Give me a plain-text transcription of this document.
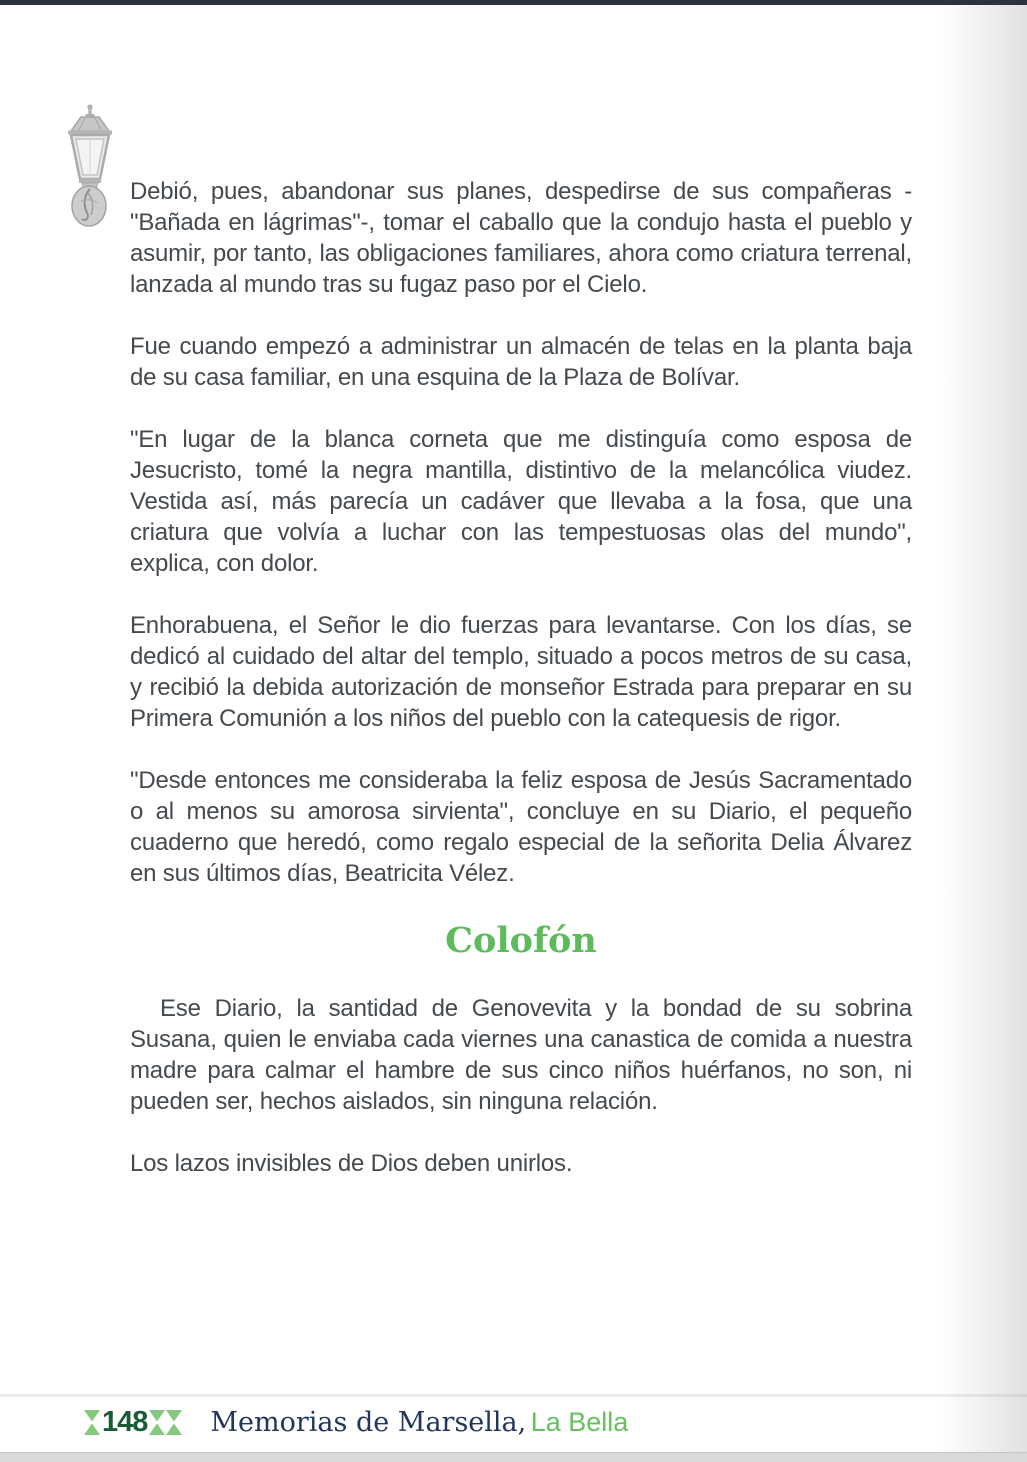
Debió, pues, abandonar sus planes, despedirse de sus compañeras -"Bañada en lágrimas"-, tomar el caballo que la condujo hasta el pueblo y asumir, por tanto, las obligaciones familiares, ahora como criatura terrenal, lanzada al mundo tras su fugaz paso por el Cielo.

Fue cuando empezó a administrar un almacén de telas en la planta baja de su casa familiar, en una esquina de la Plaza de Bolívar.

"En lugar de la blanca corneta que me distinguía como esposa de Jesucristo, tomé la negra mantilla, distintivo de la melancólica viudez. Vestida así, más parecía un cadáver que llevaba a la fosa, que una criatura que volvía a luchar con las tempestuosas olas del mundo", explica, con dolor.

Enhorabuena, el Señor le dio fuerzas para levantarse. Con los días, se dedicó al cuidado del altar del templo, situado a pocos metros de su casa, y recibió la debida autorización de monseñor Estrada para preparar en su Primera Comunión a los niños del pueblo con la catequesis de rigor.

"Desde entonces me consideraba la feliz esposa de Jesús Sacramentado o al menos su amorosa sirvienta", concluye en su Diario, el pequeño cuaderno que heredó, como regalo especial de la señorita Delia Álvarez en sus últimos días, Beatricita Vélez.

Colofón

Ese Diario, la santidad de Genovevita y la bondad de su sobrina Susana, quien le enviaba cada viernes una canastica de comida a nuestra madre para calmar el hambre de sus cinco niños huérfanos, no son, ni pueden ser, hechos aislados, sin ninguna relación.

Los lazos invisibles de Dios deben unirlos.

148 Memorias de Marsella, La Bella
